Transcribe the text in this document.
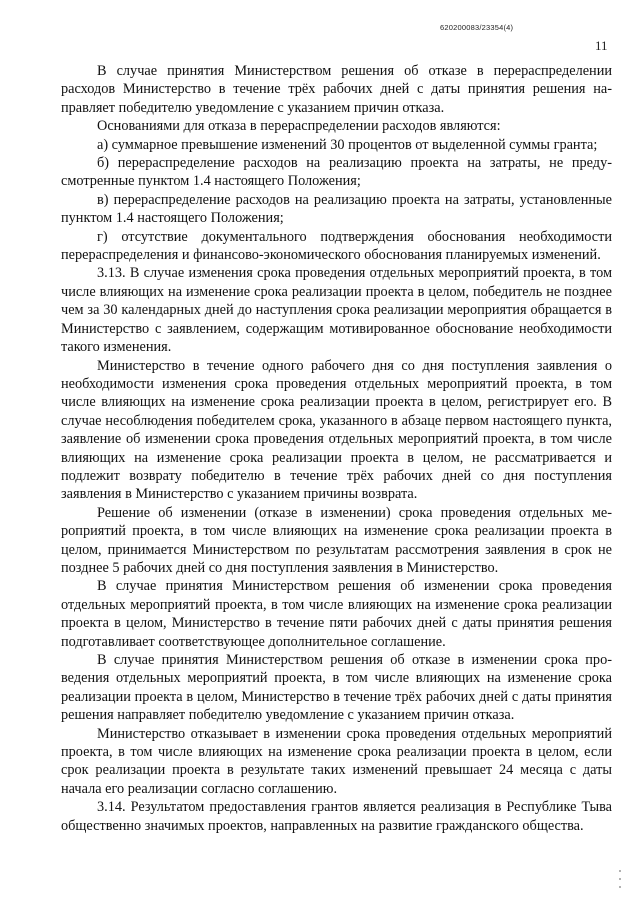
620200083/23354(4)
11

В случае принятия Министерством решения об отказе в перераспределении расходов Министерство в течение трёх рабочих дней с даты принятия решения направляет победителю уведомление с указанием причин отказа.

Основаниями для отказа в перераспределении расходов являются:

а) суммарное превышение изменений 30 процентов от выделенной суммы гранта;

б) перераспределение расходов на реализацию проекта на затраты, не предусмотренные пунктом 1.4 настоящего Положения;

в) перераспределение расходов на реализацию проекта на затраты, установленные пунктом 1.4 настоящего Положения;

г) отсутствие документального подтверждения обоснования необходимости перераспределения и финансово-экономического обоснования планируемых изменений.

3.13. В случае изменения срока проведения отдельных мероприятий проекта, в том числе влияющих на изменение срока реализации проекта в целом, победитель не позднее чем за 30 календарных дней до наступления срока реализации мероприятия обращается в Министерство с заявлением, содержащим мотивированное обоснование необходимости такого изменения.

Министерство в течение одного рабочего дня со дня поступления заявления о необходимости изменения срока проведения отдельных мероприятий проекта, в том числе влияющих на изменение срока реализации проекта в целом, регистрирует его. В случае несоблюдения победителем срока, указанного в абзаце первом настоящего пункта, заявление об изменении срока проведения отдельных мероприятий проекта, в том числе влияющих на изменение срока реализации проекта в целом, не рассматривается и подлежит возврату победителю в течение трёх рабочих дней со дня поступления заявления в Министерство с указанием причины возврата.

Решение об изменении (отказе в изменении) срока проведения отдельных мероприятий проекта, в том числе влияющих на изменение срока реализации проекта в целом, принимается Министерством по результатам рассмотрения заявления в срок не позднее 5 рабочих дней со дня поступления заявления в Министерство.

В случае принятия Министерством решения об изменении срока проведения отдельных мероприятий проекта, в том числе влияющих на изменение срока реализации проекта в целом, Министерство в течение пяти рабочих дней с даты принятия решения подготавливает соответствующее дополнительное соглашение.

В случае принятия Министерством решения об отказе в изменении срока проведения отдельных мероприятий проекта, в том числе влияющих на изменение срока реализации проекта в целом, Министерство в течение трёх рабочих дней с даты принятия решения направляет победителю уведомление с указанием причин отказа.

Министерство отказывает в изменении срока проведения отдельных мероприятий проекта, в том числе влияющих на изменение срока реализации проекта в целом, если срок реализации проекта в результате таких изменений превышает 24 месяца с даты начала его реализации согласно соглашению.

3.14. Результатом предоставления грантов является реализация в Республике Тыва общественно значимых проектов, направленных на развитие гражданского общества.
